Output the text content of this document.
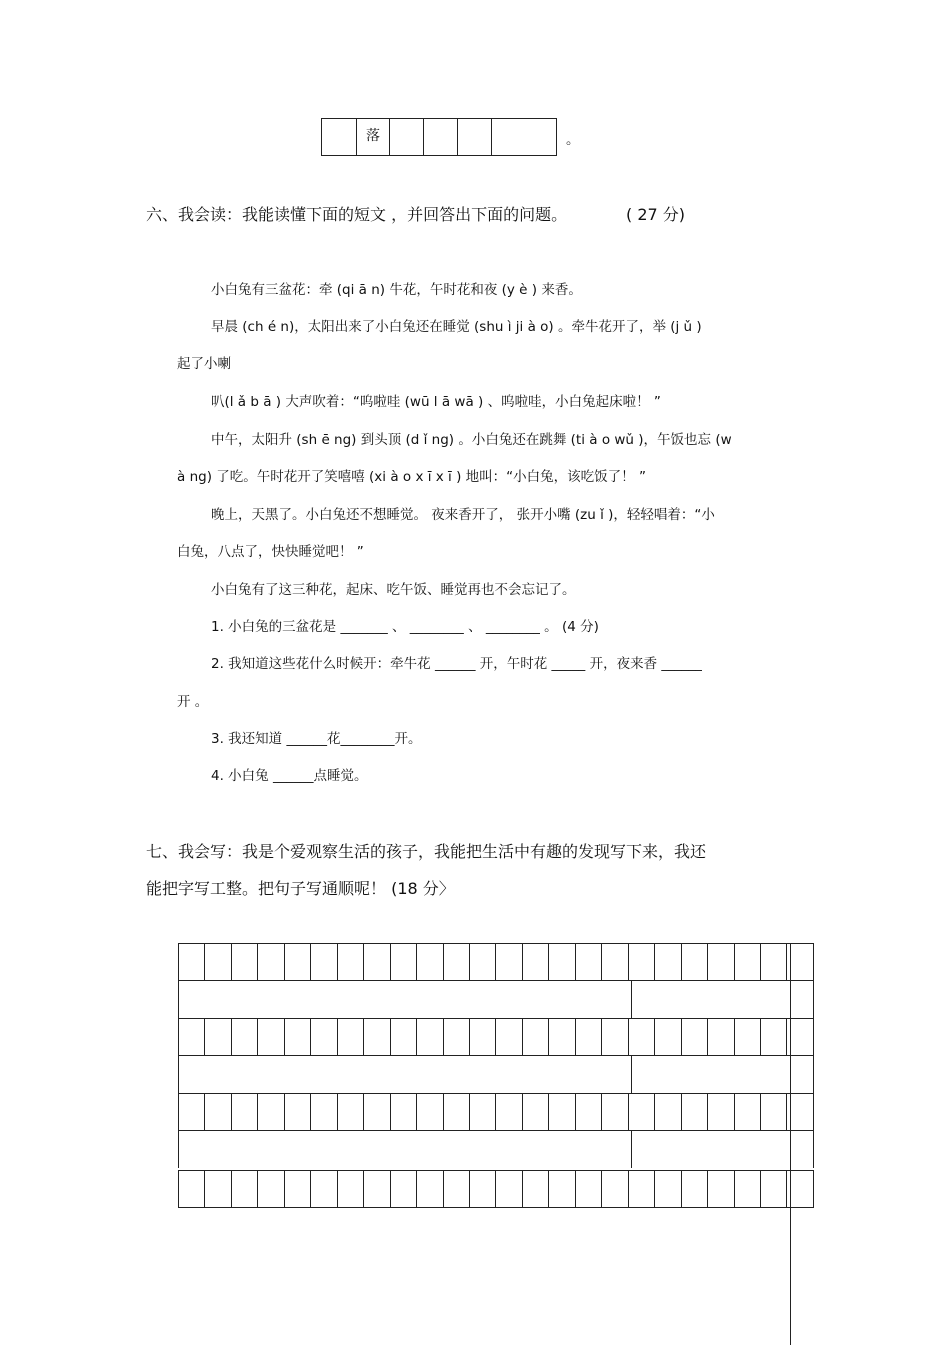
落	。
六、我会读：我能读懂下面的短文 ，并回答出下面的问题。	( 27 分)
小白兔有三盆花：牵 (qi ā n) 牛花，午时花和夜 (y è ) 来香。
早晨 (ch é n)，太阳出来了小白兔还在睡觉 (shu ì ji à o) 。牵牛花开了，举 (j ǔ )
起了小喇
叭(l ǎ b ā ) 大声吹着：“呜啦哇 (wū l ā wā ) 、呜啦哇，小白兔起床啦！ ”
中午，太阳升 (sh ē ng) 到头顶 (d ǐ ng) 。小白兔还在跳舞 (ti à o wǔ )，午饭也忘 (w
à ng) 了吃。午时花开了笑嘻嘻 (xi à o x ī x ī ) 地叫：“小白兔，该吃饭了！ ”
晚上，天黑了。小白兔还不想睡觉。 夜来香开了， 张开小嘴 (zu ǐ )，轻轻唱着：“小
白兔，八点了，快快睡觉吧！ ”
小白兔有了这三种花，起床、吃午饭、睡觉再也不会忘记了。
1. 小白兔的三盆花是 _______ 、 ________ 、 ________ 。 (4 分)
2. 我知道这些花什么时候开：牵牛花 ______ 开，午时花 _____ 开，夜来香 ______
开 。
3. 我还知道 ______花________开。
4. 小白兔 ______点睡觉。
七、我会写：我是个爱观察生活的孩子，我能把生活中有趣的发现写下来，我还
能把字写工整。把句子写通顺呢！ (18 分〉
